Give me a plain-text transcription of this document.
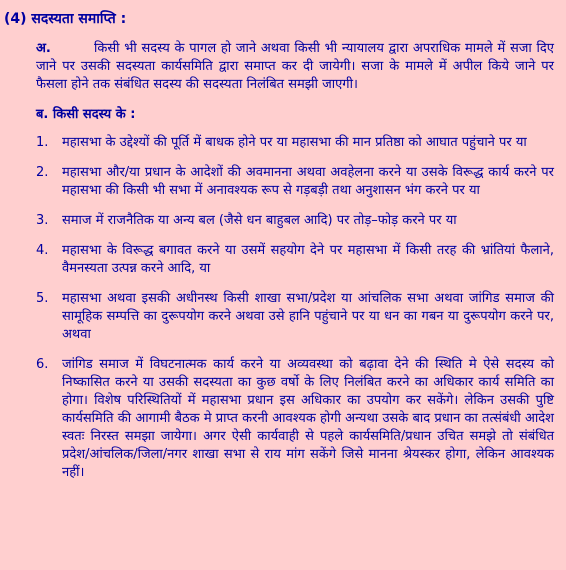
(4) सदस्यता समाप्ति :
अ.	किसी भी सदस्य के पागल हो जाने अथवा किसी भी न्यायालय द्वारा अपराधिक मामले में सजा दिए जाने पर उसकी सदस्यता कार्यसमिति द्वारा समाप्त कर दी जायेगी। सजा के मामले में अपील किये जाने पर फैसला होने तक संबंधित सदस्य की सदस्यता निलंबित समझी जाएगी।
ब. किसी सदस्य के :
1.	महासभा के उद्देश्यों की पूर्ति में बाधक होने पर या महासभा की मान प्रतिष्ठा को आघात पहुंचाने पर या
2.	महासभा और/या प्रधान के आदेशों की अवमानना अथवा अवहेलना करने या उसके विरूद्ध कार्य करने पर महासभा की किसी भी सभा में अनावश्यक रूप से गड़बड़ी तथा अनुशासन भंग करने पर या
3.	समाज में राजनैतिक या अन्य बल (जैसे धन बाहुबल आदि) पर तोड़–फोड़ करने पर या
4.	महासभा के विरूद्ध बगावत करने या उसमें सहयोग देने पर महासभा में किसी तरह की भ्रांतियां फैलाने, वैमनस्यता उत्पन्न करने आदि, या
5.	महासभा अथवा इसकी अधीनस्थ किसी शाखा सभा/प्रदेश या आंचलिक सभा अथवा जांगिड समाज की सामूहिक सम्पत्ति का दुरूपयोग करने अथवा उसे हानि पहुंचाने पर या धन का गबन या दुरूपयोग करने पर, अथवा
6.	जांगिड समाज में विघटनात्मक कार्य करने या अव्यवस्था को बढ़ावा देने की स्थिति मे ऐसे सदस्य को निष्कासित करने या उसकी सदस्यता का कुछ वर्षो के लिए निलंबित करने का अधिकार कार्य समिति का होगा। विशेष परिस्थितियों में महासभा प्रधान इस अधिकार का उपयोग कर सकेंगे। लेकिन उसकी पुष्टि कार्यसमिति की आगामी बैठक मे प्राप्त करनी आवश्यक होगी अन्यथा उसके बाद प्रधान का तत्संबंधी आदेश स्वतः निरस्त समझा जायेगा। अगर ऐसी कार्यवाही से पहले कार्यसमिति/प्रधान उचित समझे तो संबंधित प्रदेश/आंचलिक/जिला/नगर शाखा सभा से राय मांग सकेंगे जिसे मानना श्रेयस्कर होगा, लेकिन आवश्यक नहीं।
